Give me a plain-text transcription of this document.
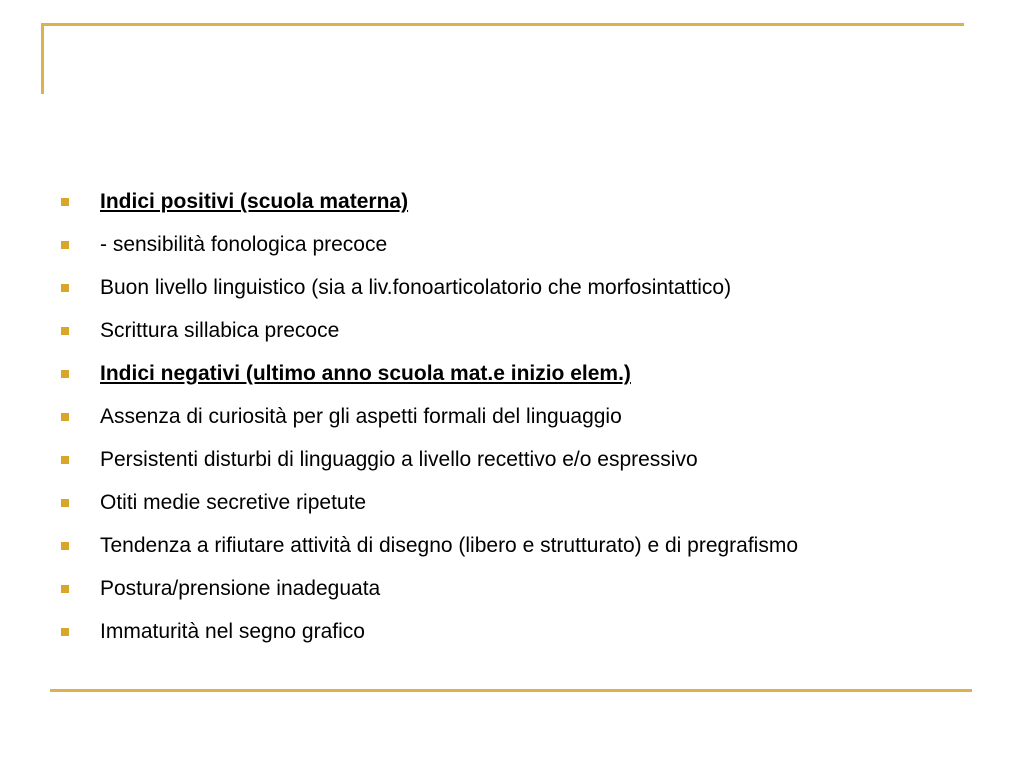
Indici positivi (scuola materna)
- sensibilità fonologica precoce
Buon livello linguistico (sia a liv.fonoarticolatorio che morfosintattico)
Scrittura sillabica precoce
Indici negativi (ultimo anno scuola mat.e inizio elem.)
Assenza di curiosità per gli aspetti formali del linguaggio
Persistenti disturbi di linguaggio a livello recettivo e/o espressivo
Otiti medie secretive ripetute
Tendenza a rifiutare attività di disegno (libero e strutturato) e di pregrafismo
Postura/prensione inadeguata
Immaturità nel segno grafico
